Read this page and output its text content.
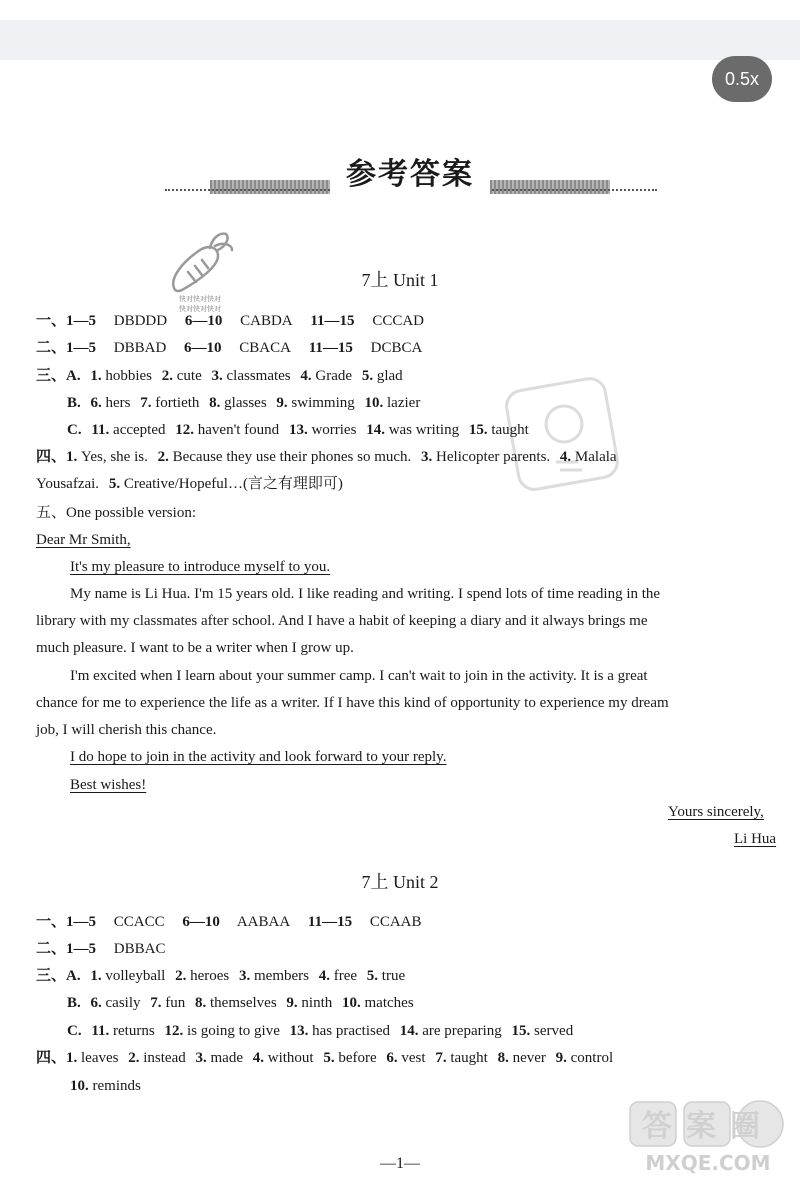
0.5x
参考答案
快对快对快对
快对快对快对
7上 Unit 1
一、1—5 DBDDD 6—10 CABDA 11—15 CCCAD
二、1—5 DBBAD 6—10 CBACA 11—15 DCBCA
三、A. 1. hobbies 2. cute 3. classmates 4. Grade 5. glad
B. 6. hers 7. fortieth 8. glasses 9. swimming 10. lazier
C. 11. accepted 12. haven't found 13. worries 14. was writing 15. taught
四、1. Yes, she is. 2. Because they use their phones so much. 3. Helicopter parents. 4. Malala
Yousafzai. 5. Creative/Hopeful…(言之有理即可)
五、One possible version:
Dear Mr Smith,
It's my pleasure to introduce myself to you.
My name is Li Hua. I'm 15 years old. I like reading and writing. I spend lots of time reading in the
library with my classmates after school. And I have a habit of keeping a diary and it always brings me
much pleasure. I want to be a writer when I grow up.
I'm excited when I learn about your summer camp. I can't wait to join in the activity. It is a great
chance for me to experience the life as a writer. If I have this kind of opportunity to experience my dream
job, I will cherish this chance.
I do hope to join in the activity and look forward to your reply.
Best wishes!
Yours sincerely,
Li Hua
7上 Unit 2
一、1—5 CCACC 6—10 AABAA 11—15 CCAAB
二、1—5 DBBAC
三、A. 1. volleyball 2. heroes 3. members 4. free 5. true
B. 6. casily 7. fun 8. themselves 9. ninth 10. matches
C. 11. returns 12. is going to give 13. has practised 14. are preparing 15. served
四、1. leaves 2. instead 3. made 4. without 5. before 6. vest 7. taught 8. never 9. control
10. reminds
答案圈
MXQE.COM
—1—
